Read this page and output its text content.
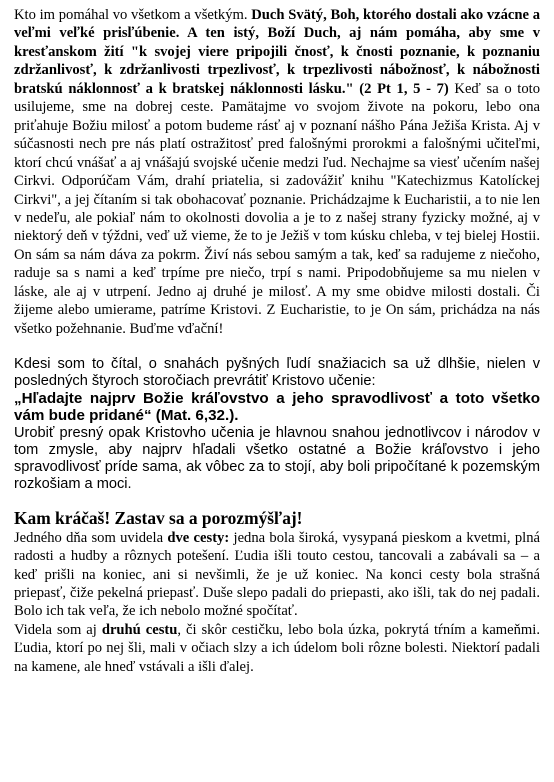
Kto im pomáhal vo všetkom a všetkým. Duch Svätý, Boh, ktorého dostali ako vzácne a veľmi veľké prisľúbenie. A ten istý, Boží Duch, aj nám pomáha, aby sme v kresťanskom žití "k svojej viere pripojili čnosť, k čnosti poznanie, k poznaniu zdržanlivosť, k zdržanlivosti trpezlivosť, k trpezlivosti nábožnosť, k nábožnosti bratskú náklonnosť a k bratskej náklonnosti lásku." (2 Pt 1, 5 - 7) Keď sa o toto usilujeme, sme na dobrej ceste. Pamätajme vo svojom živote na pokoru, lebo ona priťahuje Božiu milosť a potom budeme rásť aj v poznaní nášho Pána Ježiša Krista. Aj v súčasnosti nech pre nás platí ostražitosť pred falošnými prorokmi a falošnými učiteľmi, ktorí chcú vnášať a aj vnášajú svojské učenie medzi ľud. Nechajme sa viesť učením našej Cirkvi. Odporúčam Vám, drahí priatelia, si zadovážiť knihu "Katechizmus Katolíckej Cirkvi", a jej čítaním si tak obohacovať poznanie. Prichádzajme k Eucharistii, a to nie len v nedeľu, ale pokiaľ nám to okolnosti dovolia a je to z našej strany fyzicky možné, aj v niektorý deň v týždni, veď už vieme, že to je Ježiš v tom kúsku chleba, v tej bielej Hostii. On sám sa nám dáva za pokrm. Živí nás sebou samým a tak, keď sa radujeme z niečoho, raduje sa s nami a keď trpíme pre niečo, trpí s nami. Pripodobňujeme sa mu nielen v láske, ale aj v utrpení. Jedno aj druhé je milosť. A my sme obidve milosti dostali. Či žijeme alebo umierame, patríme Kristovi. Z Eucharistie, to je On sám, prichádza na nás všetko požehnanie. Buďme vďační!

Kdesi som to čítal, o snahách pyšných ľudí snažiacich sa už dlhšie, nielen v posledných štyroch storočiach prevrátiť Kristovo učenie:

„Hľadajte najprv Božie kráľovstvo a jeho spravodlivosť a toto všetko vám bude pridané“ (Mat. 6,32.).

Urobiť presný opak Kristovho učenia je hlavnou snahou jednotlivcov i národov v tom zmysle, aby najprv hľadali všetko ostatné a Božie kráľovstvo i jeho spravodlivosť príde sama, ak vôbec za to stojí, aby boli pripočítané k pozemským rozkošiam a moci.

Kam kráčaš! Zastav sa a porozmýšľaj!

Jedného dňa som uvidela dve cesty: jedna bola široká, vysypaná pieskom a kvetmi, plná radosti a hudby a rôznych potešení. Ľudia išli touto cestou, tancovali a zabávali sa – a keď prišli na koniec, ani si nevšimli, že je už koniec. Na konci cesty bola strašná priepasť, čiže pekelná priepasť. Duše slepo padali do priepasti, ako išli, tak do nej padali. Bolo ich tak veľa, že ich nebolo možné spočítať.

Videla som aj druhú cestu, či skôr cestičku, lebo bola úzka, pokrytá tŕním a kameňmi. Ľudia, ktorí po nej šli, mali v očiach slzy a ich údelom boli rôzne bolesti. Niektorí padali na kamene, ale hneď vstávali a išli ďalej.
